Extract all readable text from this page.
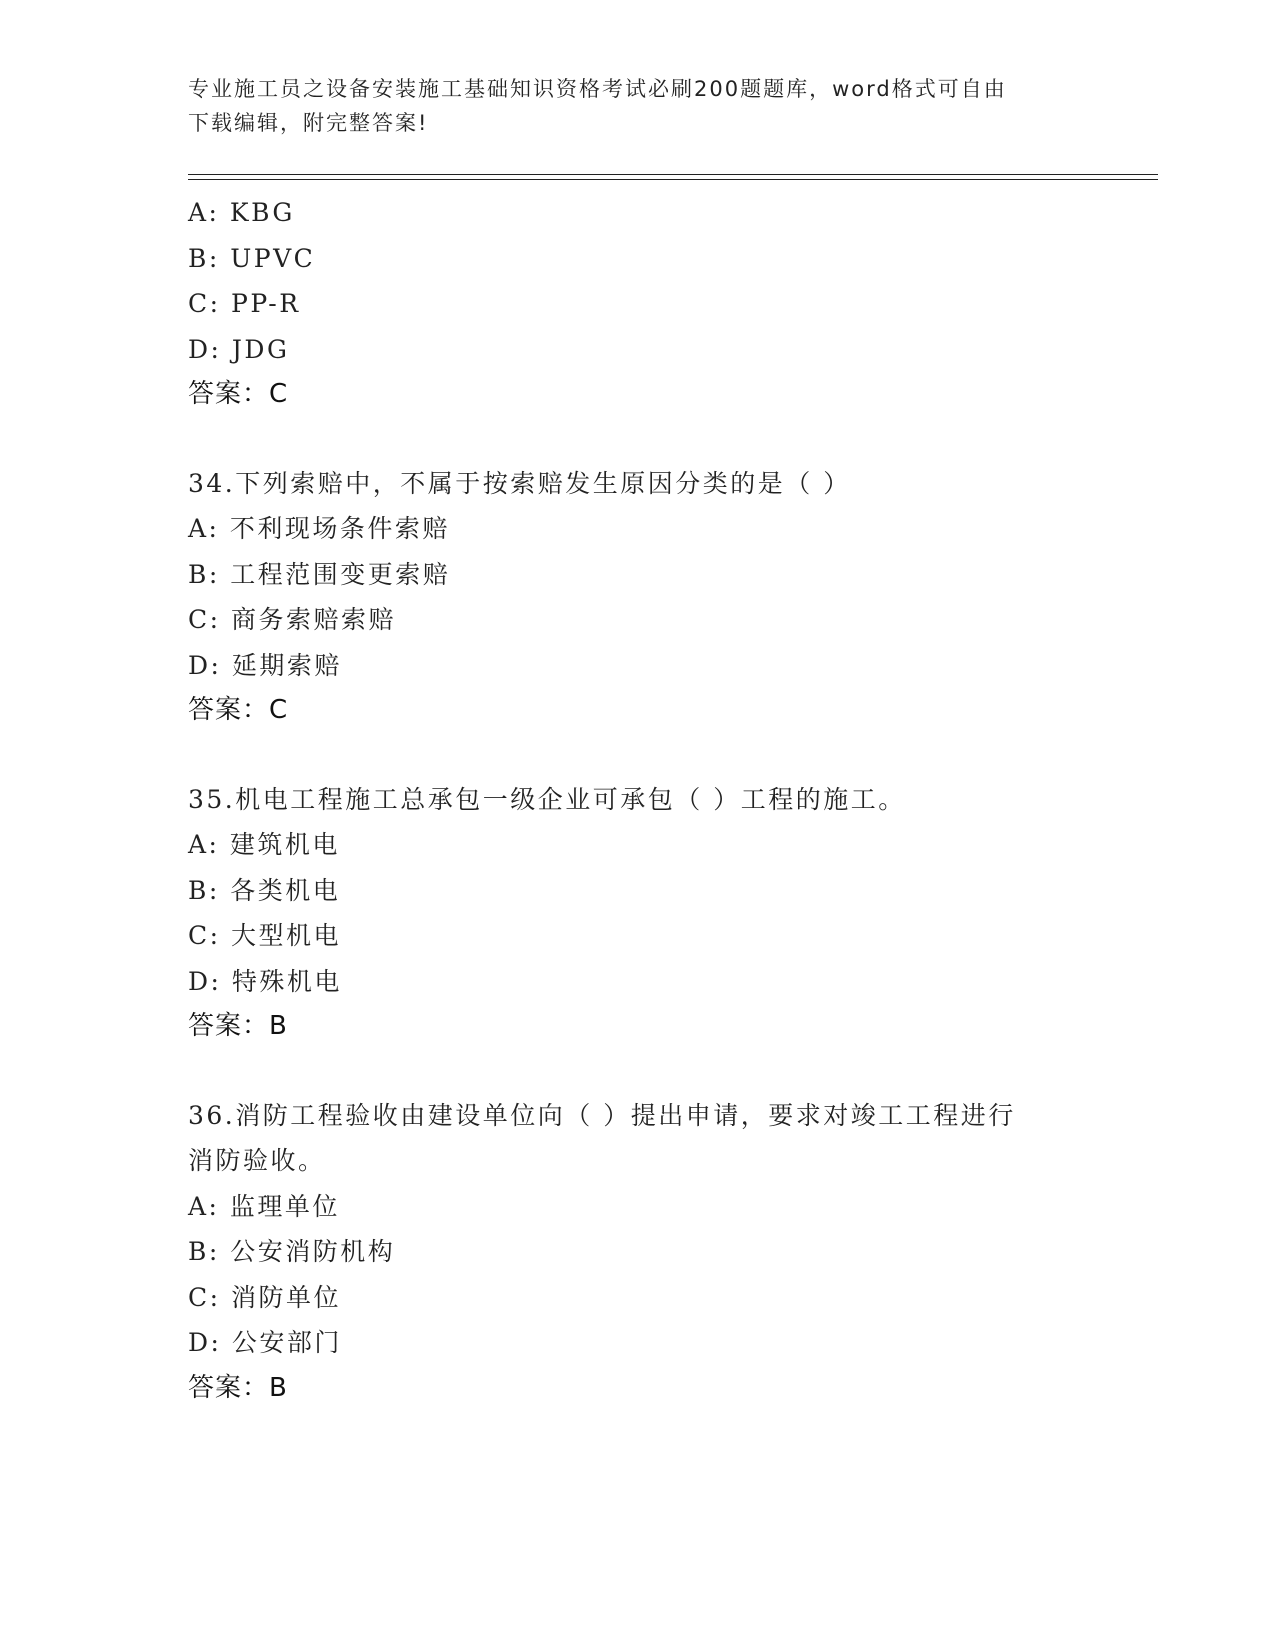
专业施工员之设备安装施工基础知识资格考试必刷200题题库，word格式可自由
下载编辑，附完整答案!
A: KBG
B: UPVC
C: PP-R
D: JDG
答案：C
34.下列索赔中，不属于按索赔发生原因分类的是（ ）
A: 不利现场条件索赔
B: 工程范围变更索赔
C: 商务索赔索赔
D: 延期索赔
答案：C
35.机电工程施工总承包一级企业可承包（ ）工程的施工。
A: 建筑机电
B: 各类机电
C: 大型机电
D: 特殊机电
答案：B
36.消防工程验收由建设单位向（ ）提出申请，要求对竣工工程进行
消防验收。
A: 监理单位
B: 公安消防机构
C: 消防单位
D: 公安部门
答案：B
